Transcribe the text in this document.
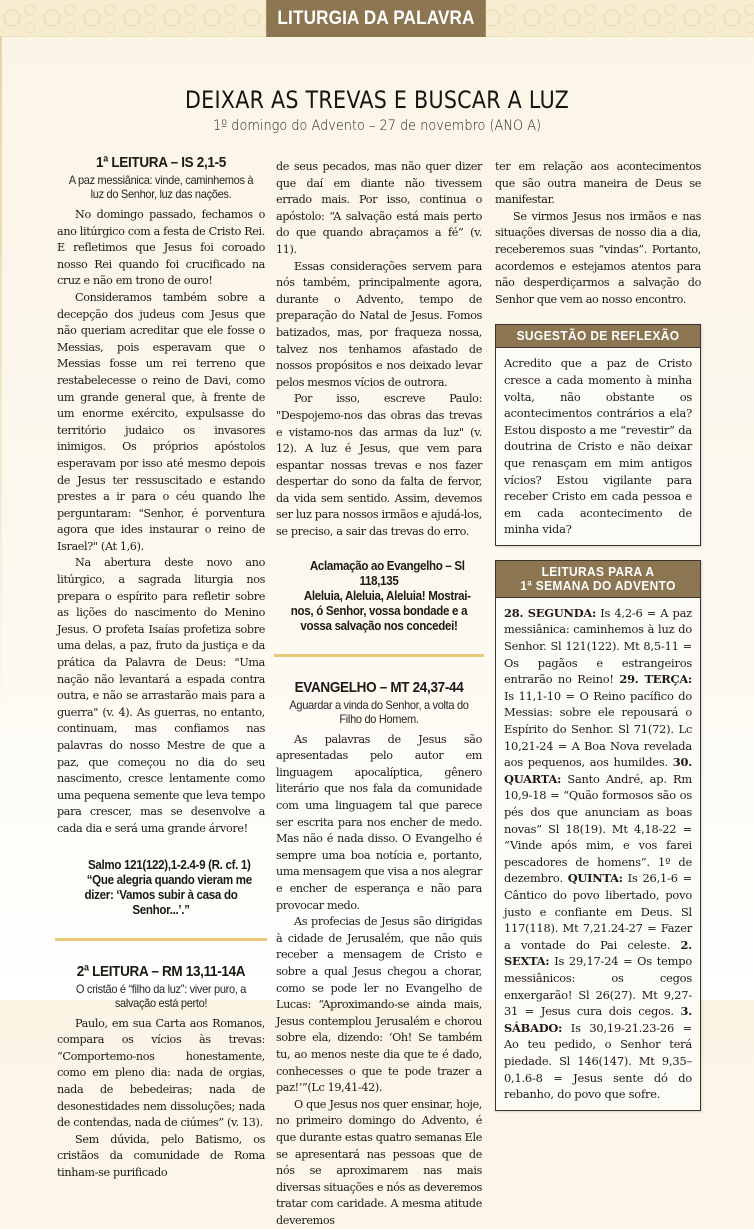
LITURGIA DA PALAVRA
DEIXAR AS TREVAS E BUSCAR A LUZ
1º domingo do Advento – 27 de novembro (ANO A)
1ª LEITURA – IS 2,1-5
A paz messiânica: vinde, caminhemos à luz do Senhor, luz das nações.

No domingo passado, fechamos o ano litúrgico com a festa de Cristo Rei. E refletimos que Jesus foi coroado nosso Rei quando foi crucificado na cruz e não em trono de ouro!

Consideramos também sobre a decepção dos judeus com Jesus que não queriam acreditar que ele fosse o Messias, pois esperavam que o Messias fosse um rei terreno que restabelecesse o reino de Davi, como um grande general que, à frente de um enorme exército, expulsasse do território judaico os invasores inimigos. Os próprios apóstolos esperavam por isso até mesmo depois de Jesus ter ressuscitado e estando prestes a ir para o céu quando lhe perguntaram: "Senhor, é porventura agora que ides instaurar o reino de Israel?" (At 1,6).

Na abertura deste novo ano litúrgico, a sagrada liturgia nos prepara o espírito para refletir sobre as lições do nascimento do Menino Jesus. O profeta Isaías profetiza sobre uma delas, a paz, fruto da justiça e da prática da Palavra de Deus: "Uma nação não levantará a espada contra outra, e não se arrastarão mais para a guerra" (v. 4). As guerras, no entanto, continuam, mas confiamos nas palavras do nosso Mestre de que a paz, que começou no dia do seu nascimento, cresce lentamente como uma pequena semente que leva tempo para crescer, mas se desenvolve a cada dia e será uma grande árvore!

Salmo 121(122),1-2.4-9 (R. cf. 1)

“Que alegria quando vieram me dizer: ‘Vamos subir à casa do Senhor...’.”

2ª LEITURA – RM 13,11-14A
O cristão é “filho da luz”: viver puro, a salvação está perto!

Paulo, em sua Carta aos Romanos, compara os vícios às trevas: “Comportemo-nos honestamente, como em pleno dia: nada de orgias, nada de bebedeiras; nada de desonestidades nem dissoluções; nada de contendas, nada de ciúmes” (v. 13).

Sem dúvida, pelo Batismo, os cristãos da comunidade de Roma tinham-se purificado

de seus pecados, mas não quer dizer que daí em diante não tivessem errado mais. Por isso, continua o apóstolo: “A salvação está mais perto do que quando abraçamos a fé” (v. 11).

Essas considerações servem para nós também, principalmente agora, durante o Advento, tempo de preparação do Natal de Jesus. Fomos batizados, mas, por fraqueza nossa, talvez nos tenhamos afastado de nossos propósitos e nos deixado levar pelos mesmos vícios de outrora.

Por isso, escreve Paulo: "Despojemo-nos das obras das trevas e vistamo-nos das armas da luz" (v. 12). A luz é Jesus, que vem para espantar nossas trevas e nos fazer despertar do sono da falta de fervor, da vida sem sentido. Assim, devemos ser luz para nossos irmãos e ajudá-los, se preciso, a sair das trevas do erro.

Aclamação ao Evangelho – Sl 118,135

Aleluia, Aleluia, Aleluia! Mostrai-nos, ó Senhor, vossa bondade e a vossa salvação nos concedei!

EVANGELHO – MT 24,37-44
Aguardar a vinda do Senhor, a volta do Filho do Homem.

As palavras de Jesus são apresentadas pelo autor em linguagem apocalíptica, gênero literário que nos fala da comunidade com uma linguagem tal que parece ser escrita para nos encher de medo. Mas não é nada disso. O Evangelho é sempre uma boa notícia e, portanto, uma mensagem que visa a nos alegrar e encher de esperança e não para provocar medo.

As profecias de Jesus são dirigidas à cidade de Jerusalém, que não quis receber a mensagem de Cristo e sobre a qual Jesus chegou a chorar, como se pode ler no Evangelho de Lucas: “Aproximando-se ainda mais, Jesus contemplou Jerusalém e chorou sobre ela, dizendo: ‘Oh! Se também tu, ao menos neste dia que te é dado, conhecesses o que te pode trazer a paz!’”(Lc 19,41-42).

O que Jesus nos quer ensinar, hoje, no primeiro domingo do Advento, é que durante estas quatro semanas Ele se apresentará nas pessoas que de nós se aproximarem nas mais diversas situações e nós as deveremos tratar com caridade. A mesma atitude deveremos

ter em relação aos acontecimentos que são outra maneira de Deus se manifestar.

Se virmos Jesus nos irmãos e nas situações diversas de nosso dia a dia, receberemos suas “vindas”. Portanto, acordemos e estejamos atentos para não desperdiçarmos a salvação do Senhor que vem ao nosso encontro.

SUGESTÃO DE REFLEXÃO
Acredito que a paz de Cristo cresce a cada momento à minha volta, não obstante os acontecimentos contrários a ela? Estou disposto a me “revestir” da doutrina de Cristo e não deixar que renasçam em mim antigos vícios? Estou vigilante para receber Cristo em cada pessoa e em cada acontecimento de minha vida?
LEITURAS PARA A
1ª SEMANA DO ADVENTO
28. SEGUNDA: Is 4,2-6 = A paz messiânica: caminhemos à luz do Senhor. Sl 121(122). Mt 8,5-11 = Os pagãos e estrangeiros entrarão no Reino! 29. TERÇA: Is 11,1-10 = O Reino pacífico do Messias: sobre ele repousará o Espírito do Senhor. Sl 71(72). Lc 10,21-24 = A Boa Nova revelada aos pequenos, aos humildes. 30. QUARTA: Santo André, ap. Rm 10,9-18 = “Quão formosos são os pés dos que anunciam as boas novas” Sl 18(19). Mt 4,18-22 = “Vinde após mim, e vos farei pescadores de homens”. 1º de dezembro. QUINTA: Is 26,1-6 = Cântico do povo libertado, povo justo e confiante em Deus. Sl 117(118). Mt 7,21.24-27 = Fazer a vontade do Pai celeste. 2. SEXTA: Is 29,17-24 = Os tempo messiânicos: os cegos enxergarão! Sl 26(27). Mt 9,27-31 = Jesus cura dois cegos. 3. SÁBADO: Is 30,19-21.23-26 = Ao teu pedido, o Senhor terá piedade. Sl 146(147). Mt 9,35– 0,1.6-8 = Jesus sente dó do rebanho, do povo que sofre.
